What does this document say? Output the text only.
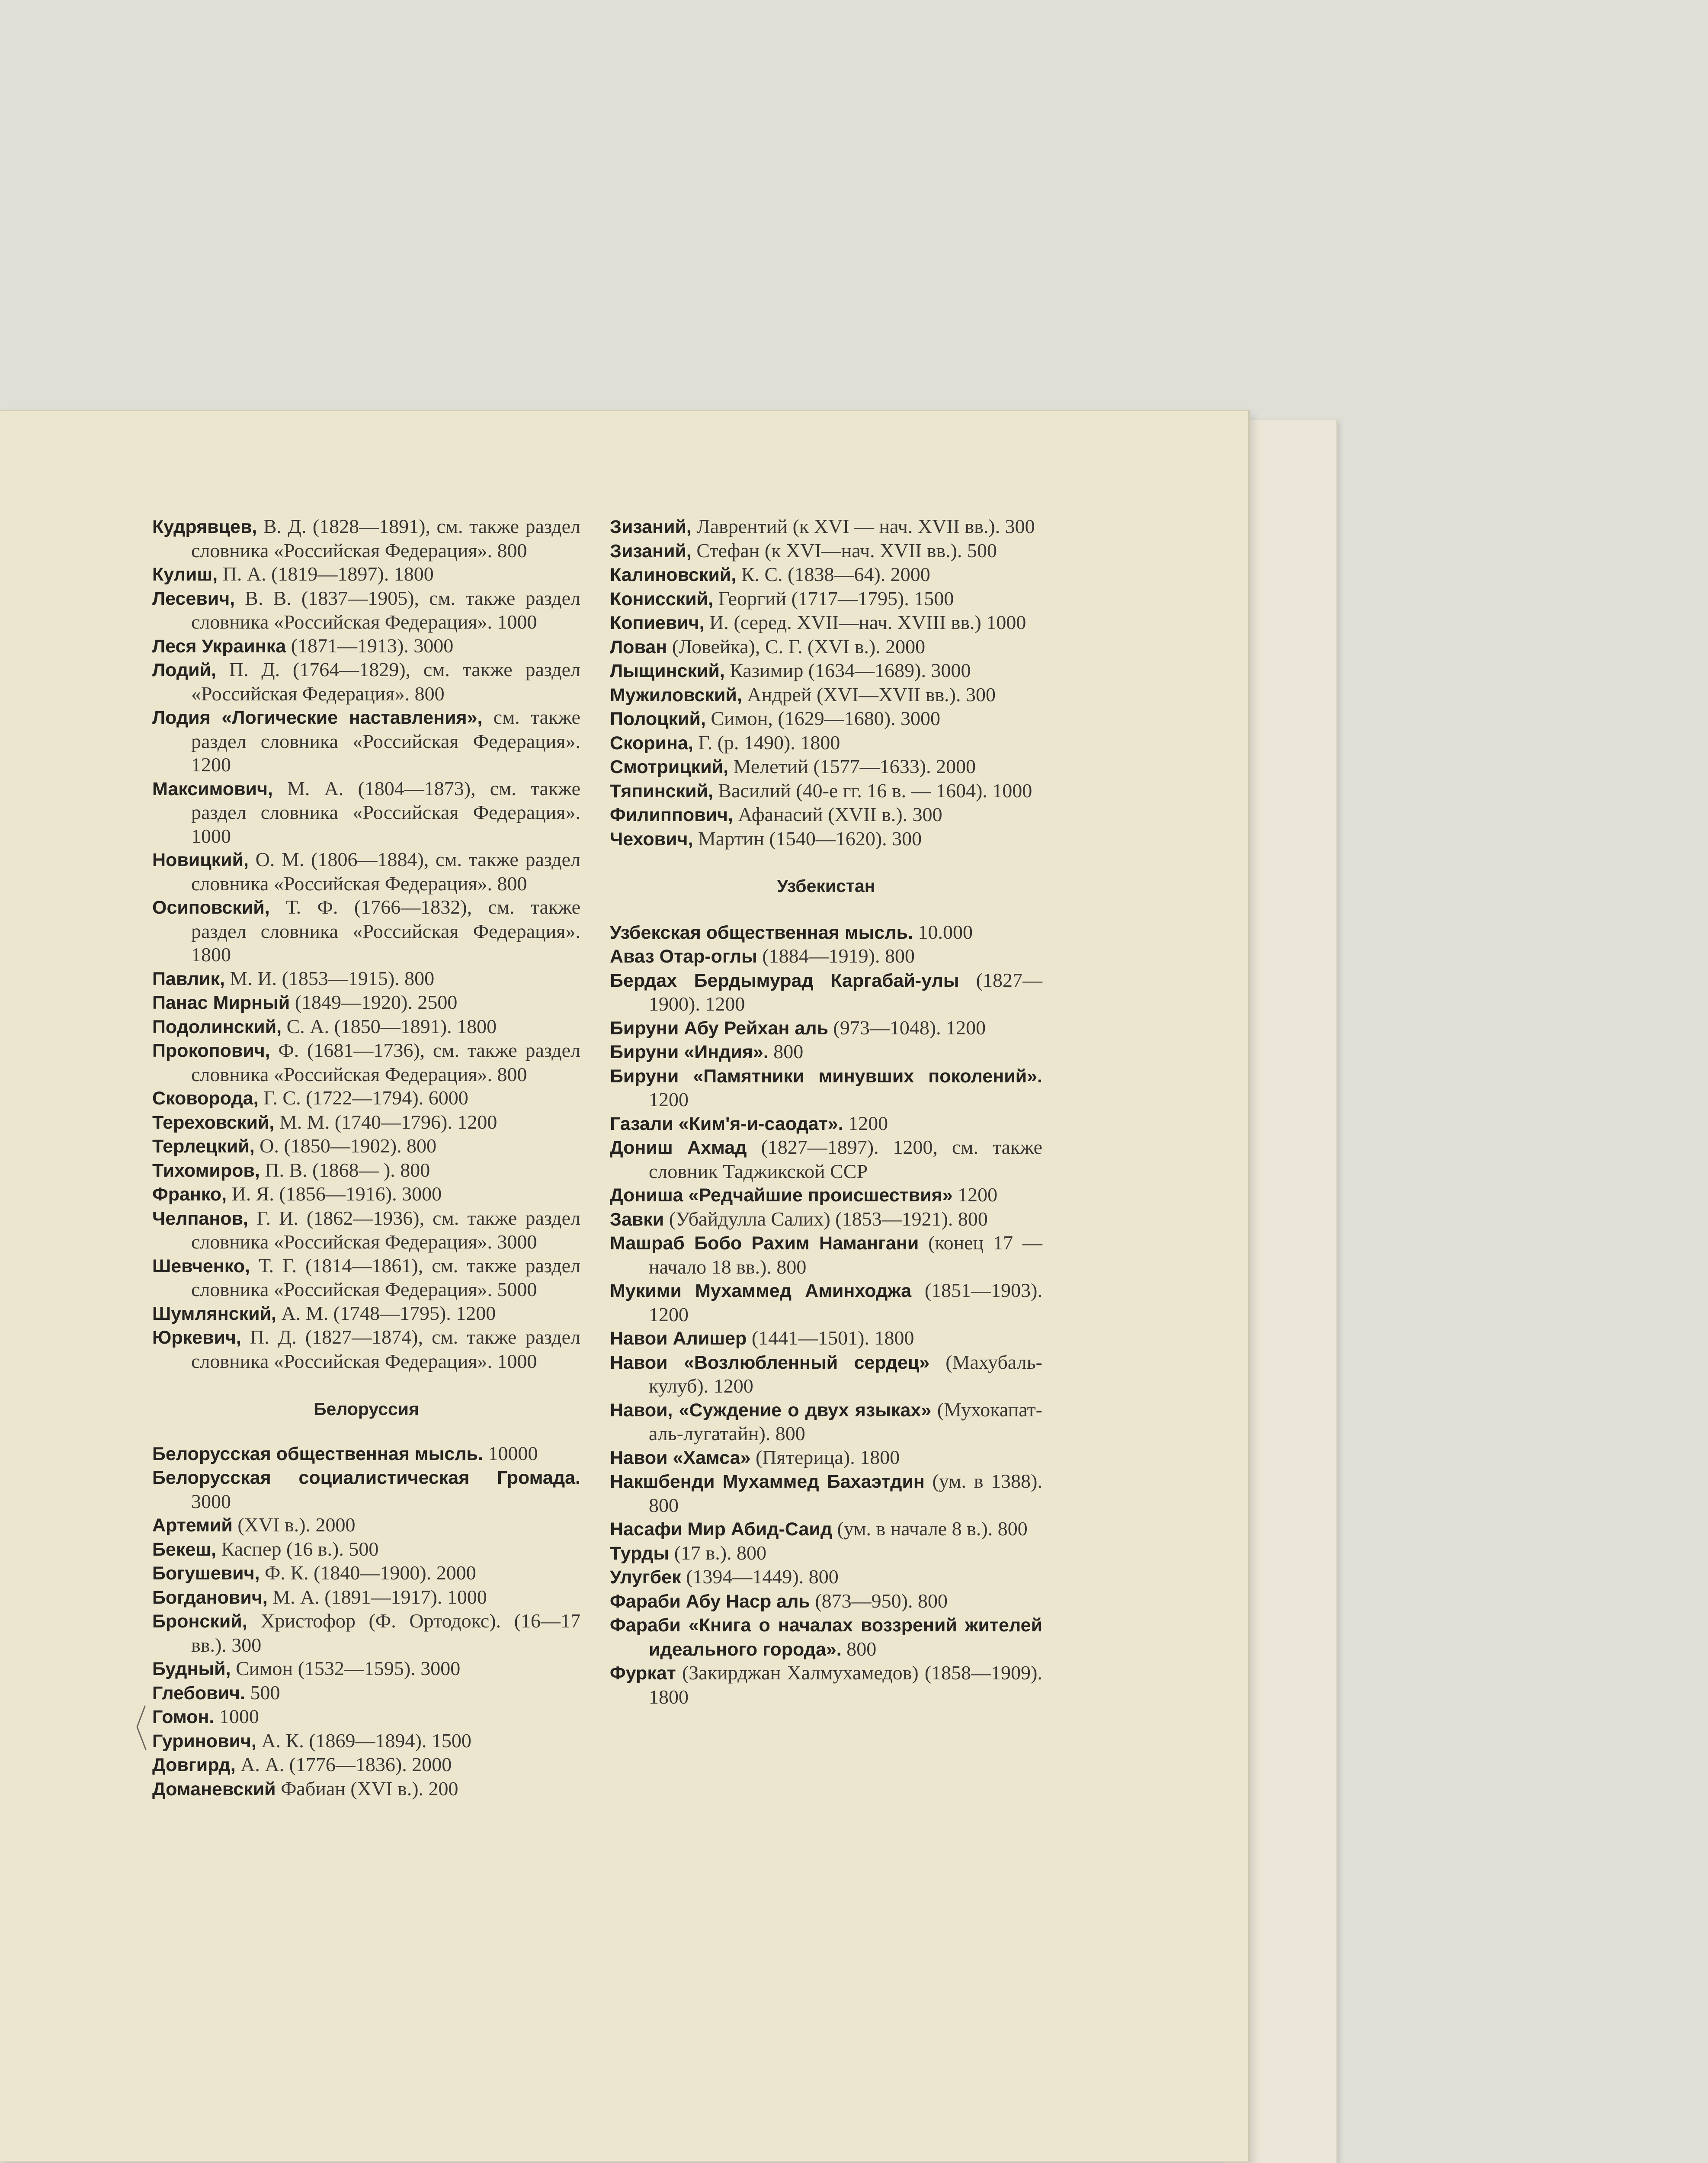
Кудрявцев, В. Д. (1828—1891), см. также раздел словника «Российская Федерация». 800
Кулиш, П. А. (1819—1897). 1800
Лесевич, В. В. (1837—1905), см. также раздел словника «Российская Федерация». 1000
Леся Украинка (1871—1913). 3000
Лодий, П. Д. (1764—1829), см. также раздел «Российская Федерация». 800
Лодия «Логические наставления», см. также раздел словника «Российская Федерация». 1200
Максимович, М. А. (1804—1873), см. также раздел словника «Российская Федерация». 1000
Новицкий, О. М. (1806—1884), см. также раздел словника «Российская Федерация». 800
Осиповский, Т. Ф. (1766—1832), см. также раздел словника «Российская Федерация». 1800
Павлик, М. И. (1853—1915). 800
Панас Мирный (1849—1920). 2500
Подолинский, С. А. (1850—1891). 1800
Прокопович, Ф. (1681—1736), см. также раздел словника «Российская Федерация». 800
Сковорода, Г. С. (1722—1794). 6000
Тереховский, М. М. (1740—1796). 1200
Терлецкий, О. (1850—1902). 800
Тихомиров, П. В. (1868— ). 800
Франко, И. Я. (1856—1916). 3000
Челпанов, Г. И. (1862—1936), см. также раздел словника «Российская Федерация». 3000
Шевченко, Т. Г. (1814—1861), см. также раздел словника «Российская Федерация». 5000
Шумлянский, А. М. (1748—1795). 1200
Юркевич, П. Д. (1827—1874), см. также раздел словника «Российская Федерация». 1000
Белоруссия
Белорусская общественная мысль. 10000
Белорусская социалистическая Громада. 3000
Артемий (XVI в.). 2000
Бекеш, Каспер (16 в.). 500
Богушевич, Ф. К. (1840—1900). 2000
Богданович, М. А. (1891—1917). 1000
Бронский, Христофор (Ф. Ортодокс). (16—17 вв.). 300
Будный, Симон (1532—1595). 3000
Глебович. 500
Гомон. 1000
Гуринович, А. К. (1869—1894). 1500
Довгирд, А. А. (1776—1836). 2000
Доманевский Фабиан (XVI в.). 200
Зизаний, Лаврентий (к XVI — нач. XVII вв.). 300
Зизаний, Стефан (к XVI—нач. XVII вв.). 500
Калиновский, К. С. (1838—64). 2000
Конисский, Георгий (1717—1795). 1500
Копиевич, И. (серед. XVII—нач. XVIII вв.) 1000
Лован (Ловейка), С. Г. (XVI в.). 2000
Лыщинский, Казимир (1634—1689). 3000
Мужиловский, Андрей (XVI—XVII вв.). 300
Полоцкий, Симон, (1629—1680). 3000
Скорина, Г. (р. 1490). 1800
Смотрицкий, Мелетий (1577—1633). 2000
Тяпинский, Василий (40-е гг. 16 в. — 1604). 1000
Филиппович, Афанасий (XVII в.). 300
Чехович, Мартин (1540—1620). 300
Узбекистан
Узбекская общественная мысль. 10.000
Аваз Отар-оглы (1884—1919). 800
Бердах Бердымурад Каргабай-улы (1827—1900). 1200
Бируни Абу Рейхан аль (973—1048). 1200
Бируни «Индия». 800
Бируни «Памятники минувших поколений». 1200
Газали «Ким'я-и-саодат». 1200
Дониш Ахмад (1827—1897). 1200, см. также словник Таджикской ССР
Дониша «Редчайшие происшествия» 1200
Завки (Убайдулла Салих) (1853—1921). 800
Машраб Бобо Рахим Намангани (конец 17 — начало 18 вв.). 800
Мукими Мухаммед Аминходжа (1851—1903). 1200
Навои Алишер (1441—1501). 1800
Навои «Возлюбленный сердец» (Махубаль-кулуб). 1200
Навои, «Суждение о двух языках» (Мухокапат-аль-лугатайн). 800
Навои «Хамса» (Пятерица). 1800
Накшбенди Мухаммед Бахаэтдин (ум. в 1388). 800
Насафи Мир Абид-Саид (ум. в начале 8 в.). 800
Турды (17 в.). 800
Улугбек (1394—1449). 800
Фараби Абу Наср аль (873—950). 800
Фараби «Книга о началах воззрений жителей идеального города». 800
Фуркат (Закирджан Халмухамедов) (1858—1909). 1800
